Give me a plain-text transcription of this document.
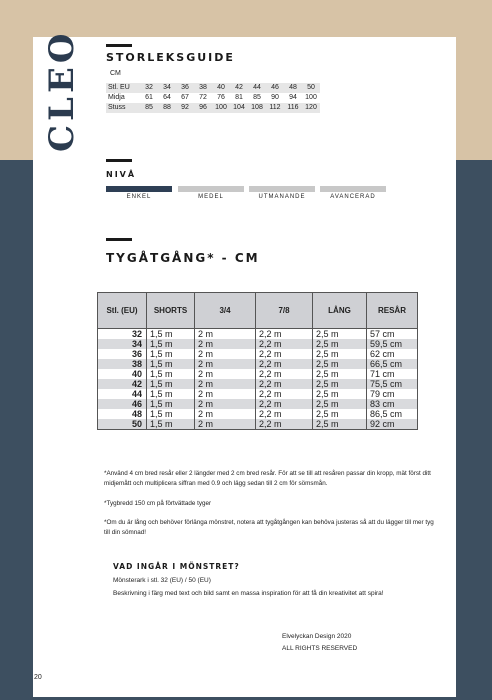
CLEO STORLEKSGUIDE
CM
Stl. EU	32	34	36	38	40	42	44	46	48	50
Midja	61	64	67	72	76	81	85	90	94	100
Stuss	85	88	92	96	100 104 108 112 116 120
NIVÅ
ENKEL	MEDEL	UTMANANDE	AVANCERAD
TYGÅTGÅNG* - CM
Stl. (EU)	SHORTS	3/4	7/8	LÅNG	RESÅR
32	1,5 m	2 m	2,2 m	2,5 m	57 cm
34	1,5 m	2 m	2,2 m	2,5 m	59,5 cm
36	1,5 m	2 m	2,2 m	2,5 m	62 cm
38	1,5 m	2 m	2,2 m	2,5 m	66,5 cm
40	1,5 m	2 m	2,2 m	2,5 m	71 cm
42	1,5 m	2 m	2,2 m	2,5 m	75,5 cm
44	1,5 m	2 m	2,2 m	2,5 m	79 cm
46	1,5 m	2 m	2,2 m	2,5 m	83 cm
48	1,5 m	2 m	2,2 m	2,5 m	86,5 cm
50	1,5 m	2 m	2,2 m	2,5 m	92 cm
*Använd 4 cm bred resår eller 2 längder med 2 cm bred resår. För att se till att resåren passar din kropp, mät först ditt midjemått och multiplicera siffran med 0.9 och lägg sedan till 2 cm för sömsmån.
*Tygbredd 150 cm på förtvättade tyger
*Om du är lång och behöver förlänga mönstret, notera att tygåtgången kan behöva justeras så att du lägger till mer tyg till din sömnad!
VAD INGÅR I MÖNSTRET?
Mönsterark i stl. 32 (EU) / 50 (EU)
Beskrivning i färg med text och bild samt en massa inspiration för att få din kreativitet att spira!
Elvelyckan Design 2020
ALL RIGHTS RESERVED
20
